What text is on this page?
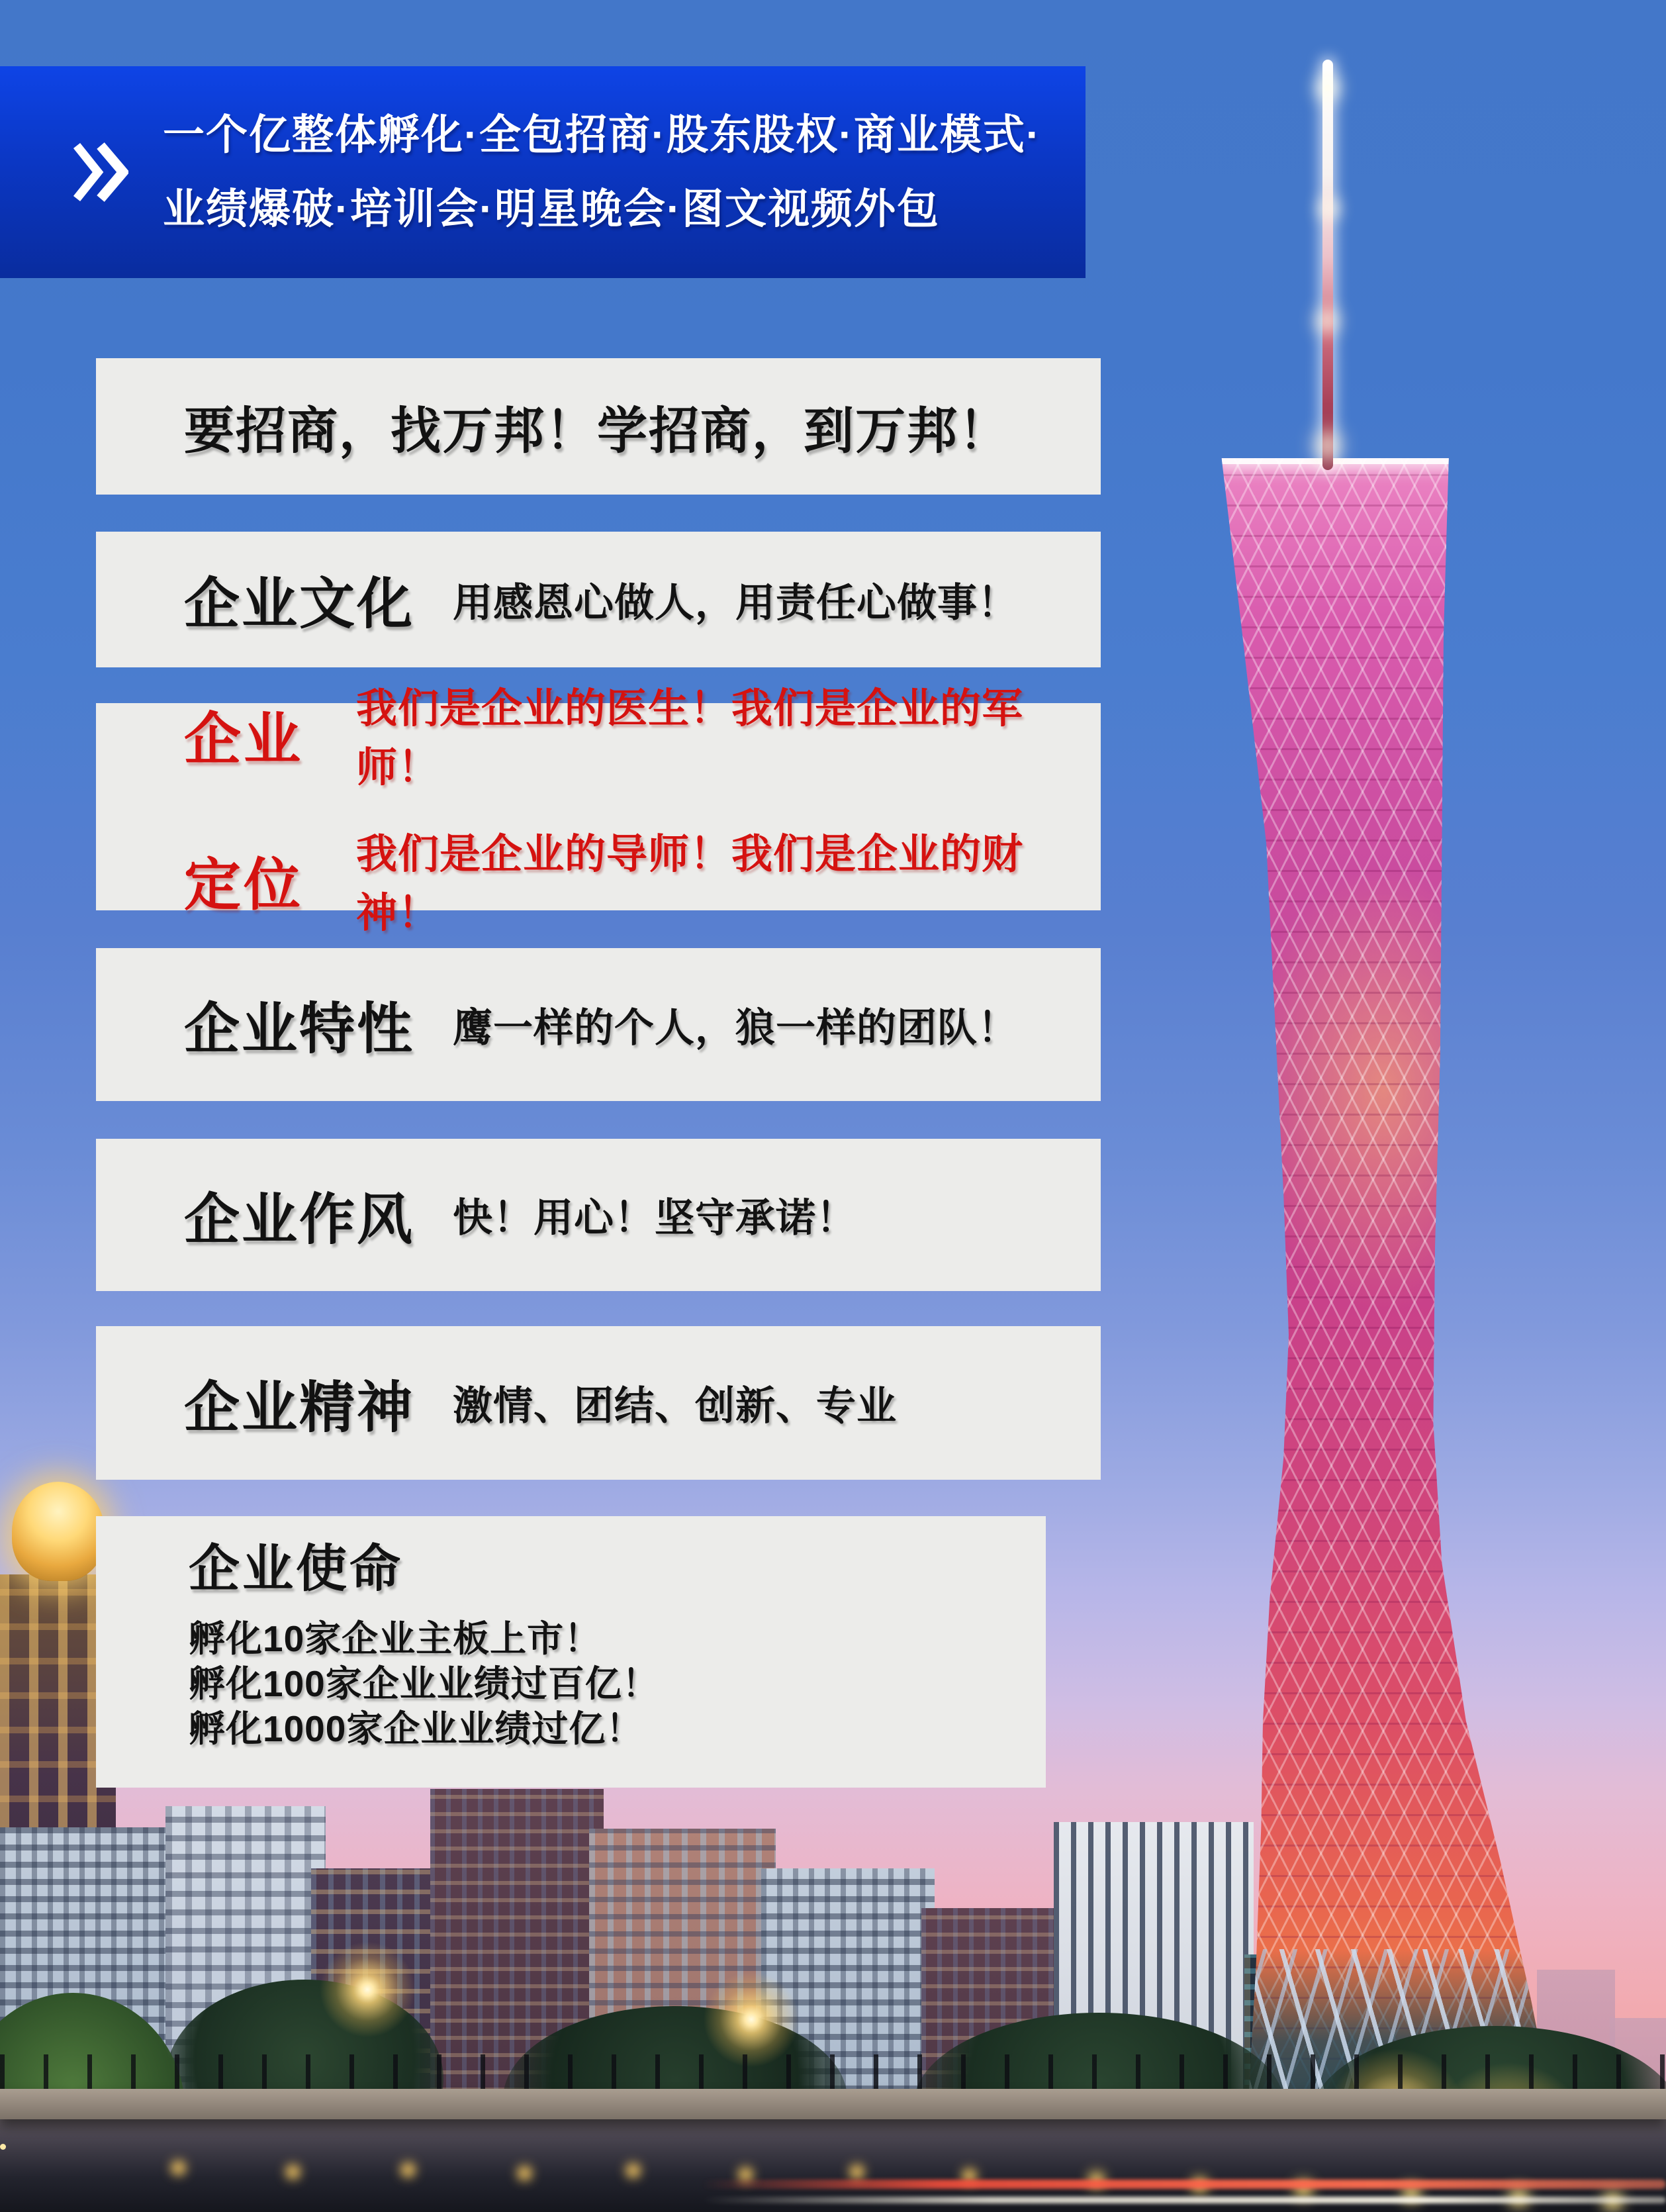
一个亿整体孵化·全包招商·股东股权·商业模式·
业绩爆破·培训会·明星晚会·图文视频外包

要招商，找万邦！学招商，到万邦！

企业文化 用感恩心做人，用责任心做事！
企业	我们是企业的医生！我们是企业的军师！
定位	我们是企业的导师！我们是企业的财神！
企业特性 鹰一样的个人，狼一样的团队！
企业作风 快！用心！坚守承诺！
企业精神 激情、团结、创新、专业
企业使命
孵化10家企业主板上市！
孵化100家企业业绩过百亿！
孵化1000家企业业绩过亿！
